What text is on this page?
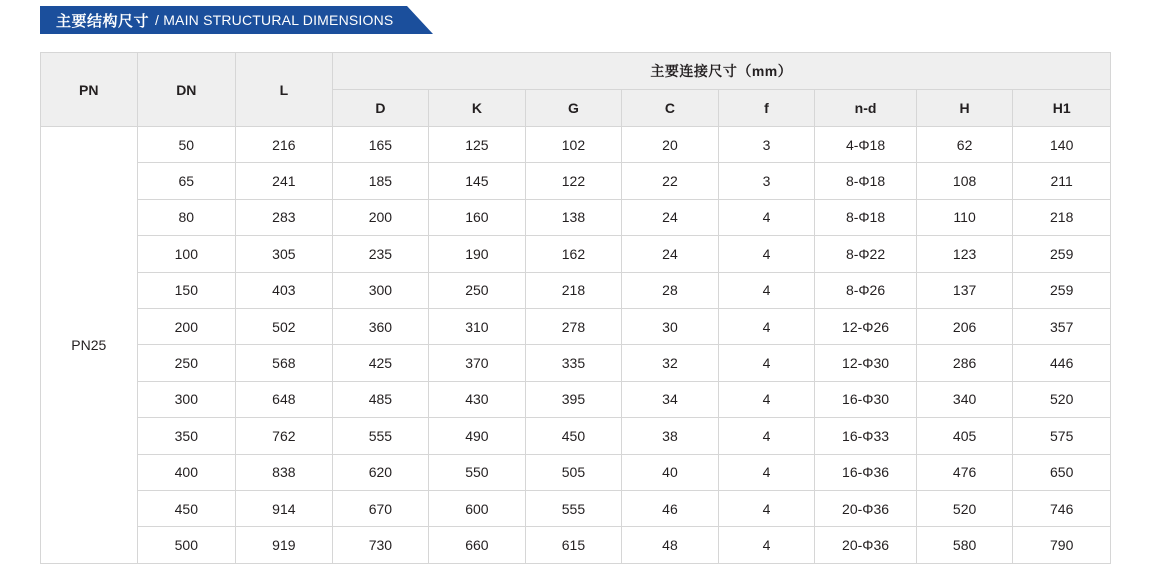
主要结构尺寸 / MAIN STRUCTURAL DIMENSIONS
PN	DN	L	主要连接尺寸（mm）							
			D	K	G	C	f	n-d	H	H1
PN25	50	216	165	125	102	20	3	4-Φ18	62	140
	65	241	185	145	122	22	3	8-Φ18	108	211
	80	283	200	160	138	24	4	8-Φ18	110	218
	100	305	235	190	162	24	4	8-Φ22	123	259
	150	403	300	250	218	28	4	8-Φ26	137	259
	200	502	360	310	278	30	4	12-Φ26	206	357
	250	568	425	370	335	32	4	12-Φ30	286	446
	300	648	485	430	395	34	4	16-Φ30	340	520
	350	762	555	490	450	38	4	16-Φ33	405	575
	400	838	620	550	505	40	4	16-Φ36	476	650
	450	914	670	600	555	46	4	20-Φ36	520	746
	500	919	730	660	615	48	4	20-Φ36	580	790
